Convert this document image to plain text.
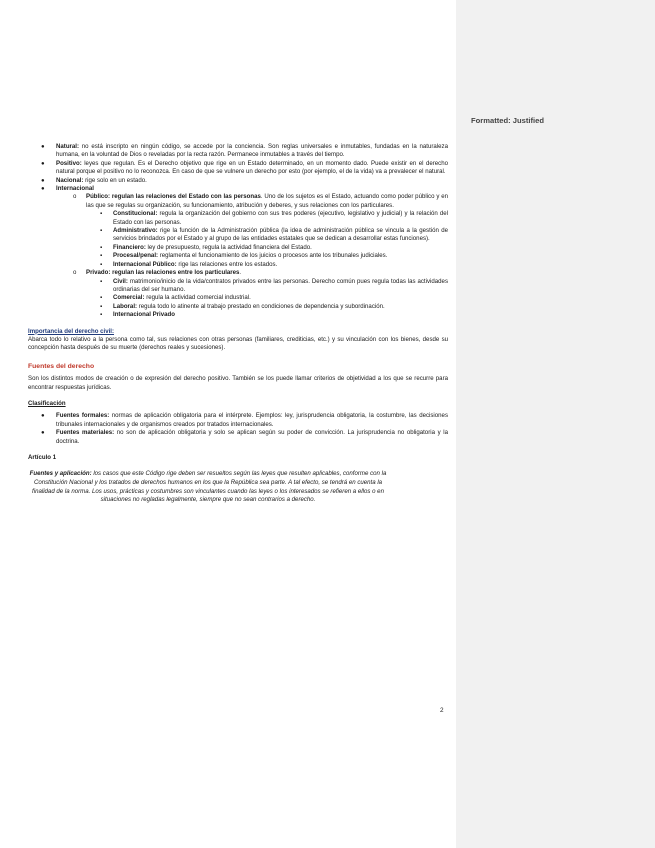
● Natural: no está inscripto en ningún código, se accede por la conciencia. Son reglas universales e inmutables, fundadas en la naturaleza humana, en la voluntad de Dios o reveladas por la recta razón. Permanece inmutables a través del tiempo.
● Positivo: leyes que regulan. Es el Derecho objetivo que rige en un Estado determinado, en un momento dado. Puede existir en el derecho natural porque el positivo no lo reconozca. En caso de que se vulnere un derecho por esto (por ejemplo, el de la vida) va a prevalecer el natural.
● Nacional: rige solo en un estado.
● Internacional
o Público: regulan las relaciones del Estado con las personas. Uno de los sujetos es el Estado, actuando como poder público y en las que se regulas su organización, su funcionamiento, atribución y deberes, y sus relaciones con los particulares.
▪ Constitucional: regula la organización del gobierno con sus tres poderes (ejecutivo, legislativo y judicial) y la relación del Estado con las personas.
▪ Administrativo: rige la función de la Administración pública (la idea de administración pública se vincula a la gestión de servicios brindados por el Estado y al grupo de las entidades estatales que se dedican a desarrollar estas funciones).
▪ Financiero: ley de presupuesto, regula la actividad financiera del Estado.
▪ Procesal/penal: reglamenta el funcionamiento de los juicios o procesos ante los tribunales judiciales.
▪ Internacional Público: rige las relaciones entre los estados.
o Privado: regulan las relaciones entre los particulares.
▪ Civil: matrimonio/inicio de la vida/contratos privados entre las personas. Derecho común pues regula todas las actividades ordinarias del ser humano.
▪ Comercial: regula la actividad comercial industrial.
▪ Laboral: regula todo lo atinente al trabajo prestado en condiciones de dependencia y subordinación.
▪ Internacional Privado

Importancia del derecho civil:

Abarca todo lo relativo a la persona como tal, sus relaciones con otras personas (familiares, crediticias, etc.) y su vinculación con los bienes, desde su concepción hasta después de su muerte (derechos reales y sucesiones).

Fuentes del derecho

Son los distintos modos de creación o de expresión del derecho positivo. También se los puede llamar criterios de objetividad a los que se recurre para encontrar respuestas jurídicas.

Clasificación

● Fuentes formales: normas de aplicación obligatoria para el intérprete. Ejemplos: ley, jurisprudencia obligatoria, la costumbre, las decisiones tribunales internacionales y de organismos creados por tratados internacionales.
● Fuentes materiales: no son de aplicación obligatoria y solo se aplican según su poder de convicción. La jurisprudencia no obligatoria y la doctrina.

Artículo 1

Fuentes y aplicación: los casos que este Código rige deben ser resueltos según las leyes que resulten aplicables, conforme con la Constitución Nacional y los tratados de derechos humanos en los que la República sea parte. A tal efecto, se tendrá en cuenta la finalidad de la norma. Los usos, prácticas y costumbres son vinculantes cuando las leyes o los interesados se refieren a ellos o en situaciones no regladas legalmente, siempre que no sean contrarios a derecho.

2
Formatted: Justified
